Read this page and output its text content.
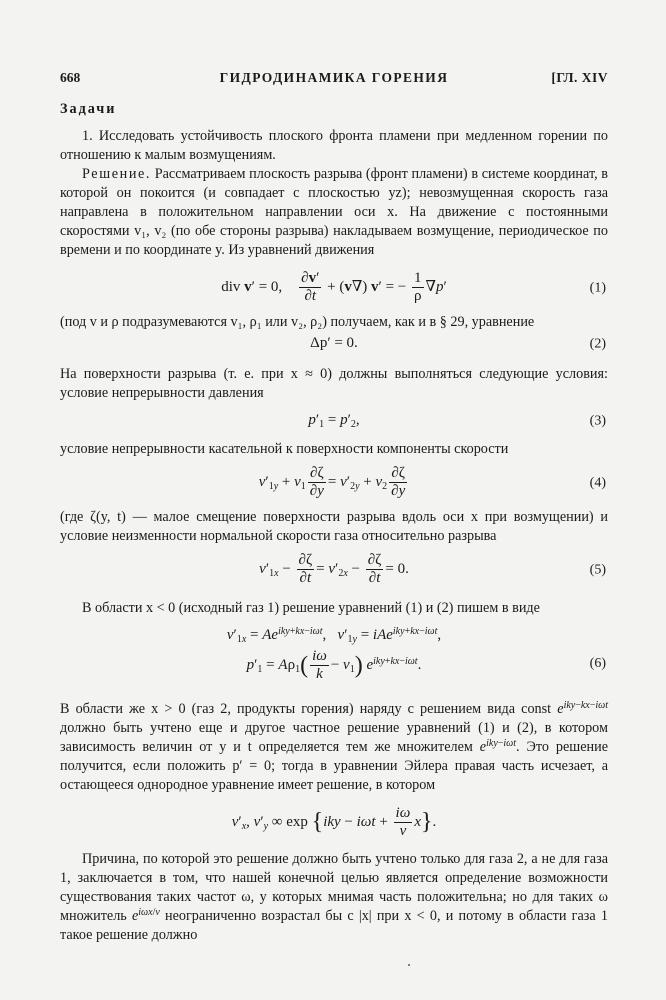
668	ГИДРОДИНАМИКА ГОРЕНИЯ	[ГЛ. XIV
Задачи

1. Исследовать устойчивость плоского фронта пламени при медленном горении по отношению к малым возмущениям.

Решение. Рассматриваем плоскость разрыва (фронт пламени) в системе координат, в которой он покоится (и совпадает с плоскостью yz); невозмущенная скорость газа направлена в положительном направлении оси x. На движение с постоянными скоростями v₁, v₂ (по обе стороны разрыва) накладываем возмущение, периодическое по времени и по координате y. Из уравнений движения

div v′ = 0, $\frac{\partial v'}{\partial t} + (v\nabla) v'$ = − $\frac{1}{\rho} \nabla p'$	(1)

(под v и ρ подразумеваются v₁, ρ₁ или v₂, ρ₂) получаем, как и в § 29, уравнение

Δp′ = 0.	(2)

На поверхности разрыва (т. е. при x ≈ 0) должны выполняться следующие условия: условие непрерывности давления

$p'_1 = p'_2$,	(3)

условие непрерывности касательной к поверхности компоненты скорости

$v'_{1y} + v_1 \frac{\partial\zeta}{\partial y} = v'_{2y} + v_2 \frac{\partial\zeta}{\partial y}$	(4)

(где ζ(y, t) — малое смещение поверхности разрыва вдоль оси x при возмущении) и условие неизменности нормальной скорости газа относительно разрыва

$v'_{1x} - \frac{\partial\zeta}{\partial t} = v'_{2x} - \frac{\partial\zeta}{\partial t} = 0$.	(5)

В области x < 0 (исходный газ 1) решение уравнений (1) и (2) пишем в виде

$v'_{1x} = Ae^{iky+kx-i\omega t}$,   $v'_{1y} = iAe^{iky+kx-i\omega t}$,
$p'_1 = A\rho_1( \frac{i\omega}{k} - v_1)$ $e^{iky+kx-i\omega t}$.	(6)

В области же x > 0 (газ 2, продукты горения) наряду с решением вида const $e^{iky-kx-i\omega t}$ должно быть учтено еще и другое частное решение уравнений (1) и (2), в котором зависимость величин от y и t определяется тем же множителем $e^{iky-i\omega t}$. Это решение получится, если положить p′ = 0; тогда в уравнении Эйлера правая часть исчезает, а остающееся однородное уравнение имеет решение, в котором

$v'_x$, $v'_y$ ∞ $\exp \{iky - i\omega t + \frac{i\omega}{v} x\}$.

Причина, по которой это решение должно быть учтено только для газа 2, а не для газа 1, заключается в том, что нашей конечной целью является определение возможности существования таких частот ω, у которых мнимая часть положительна; но для таких ω множитель $e^{i\omega x/v}$ неограниченно возрастал бы с |x| при x < 0, и потому в области газа 1 такое решение должно
